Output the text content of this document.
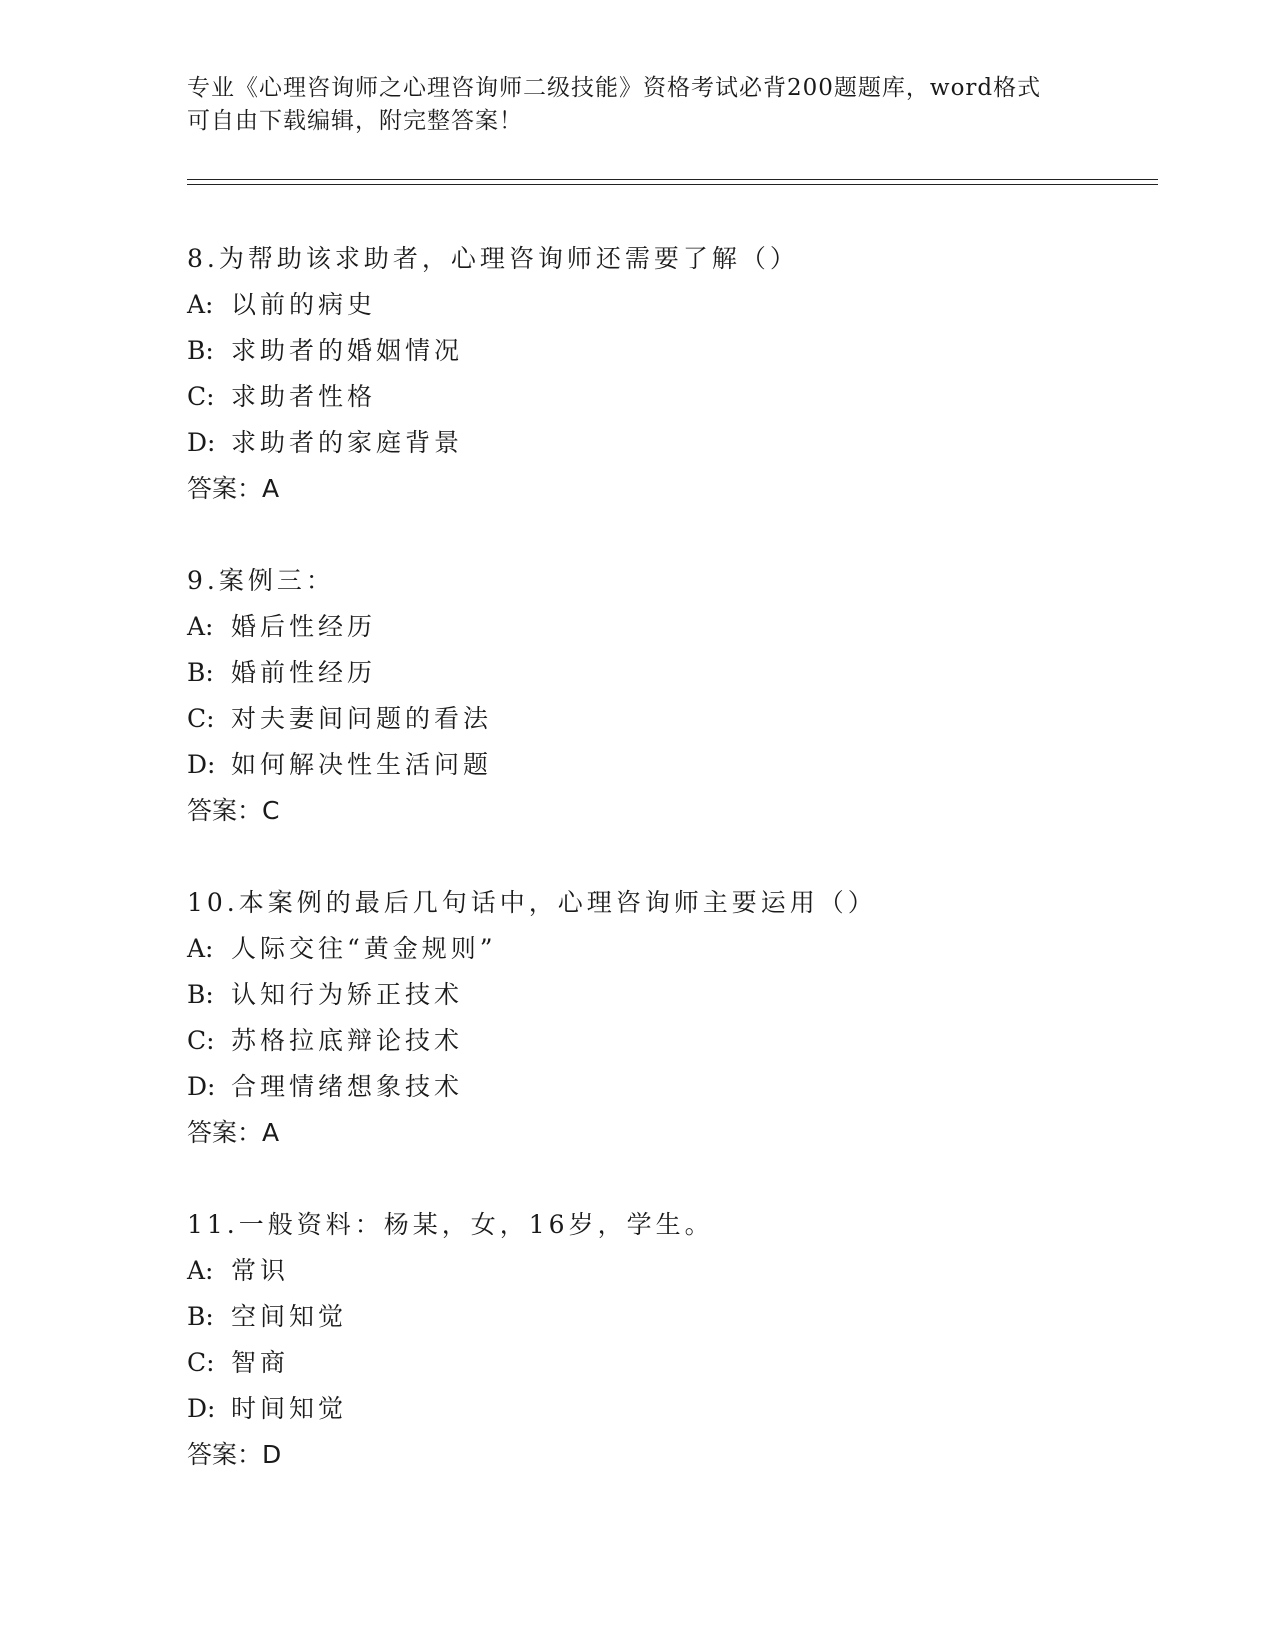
专业《心理咨询师之心理咨询师二级技能》资格考试必背200题题库，word格式
可自由下载编辑，附完整答案！
8.为帮助该求助者，心理咨询师还需要了解（）
A: 以前的病史
B: 求助者的婚姻情况
C: 求助者性格
D: 求助者的家庭背景
答案：A
9.案例三：
A: 婚后性经历
B: 婚前性经历
C: 对夫妻间问题的看法
D: 如何解决性生活问题
答案：C
10.本案例的最后几句话中，心理咨询师主要运用（）
A: 人际交往“黄金规则”
B: 认知行为矫正技术
C: 苏格拉底辩论技术
D: 合理情绪想象技术
答案：A
11.一般资料：杨某，女，16岁，学生。
A: 常识
B: 空间知觉
C: 智商
D: 时间知觉
答案：D
